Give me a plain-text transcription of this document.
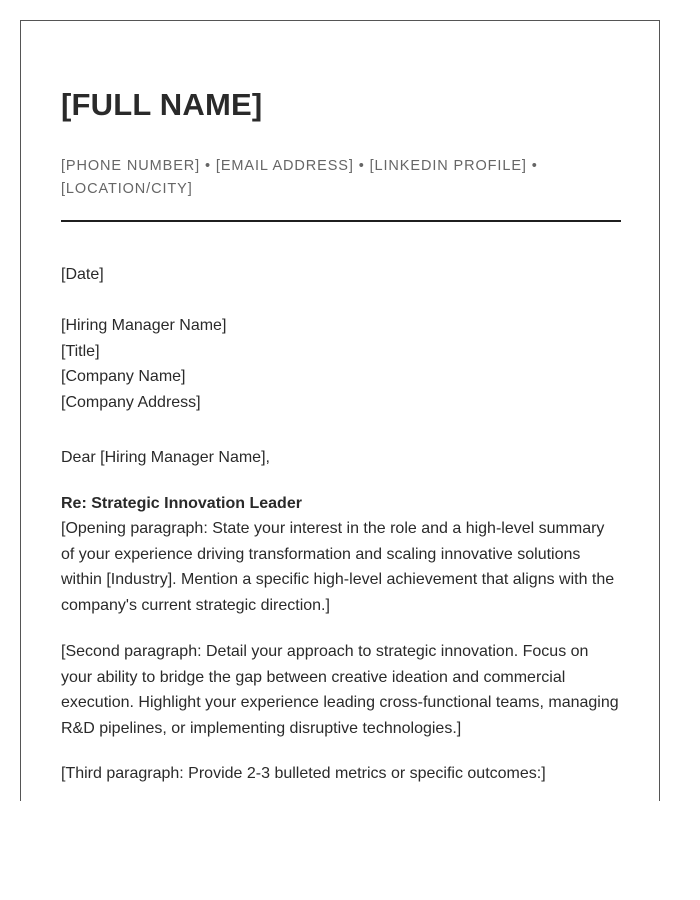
[FULL NAME]
[PHONE NUMBER] • [EMAIL ADDRESS] • [LINKEDIN PROFILE] • [LOCATION/CITY]
[Date]
[Hiring Manager Name]
[Title]
[Company Name]
[Company Address]
Dear [Hiring Manager Name],
Re: Strategic Innovation Leader
[Opening paragraph: State your interest in the role and a high-level summary of your experience driving transformation and scaling innovative solutions within [Industry]. Mention a specific high-level achievement that aligns with the company's current strategic direction.]
[Second paragraph: Detail your approach to strategic innovation. Focus on your ability to bridge the gap between creative ideation and commercial execution. Highlight your experience leading cross-functional teams, managing R&D pipelines, or implementing disruptive technologies.]
[Third paragraph: Provide 2-3 bulleted metrics or specific outcomes:]
